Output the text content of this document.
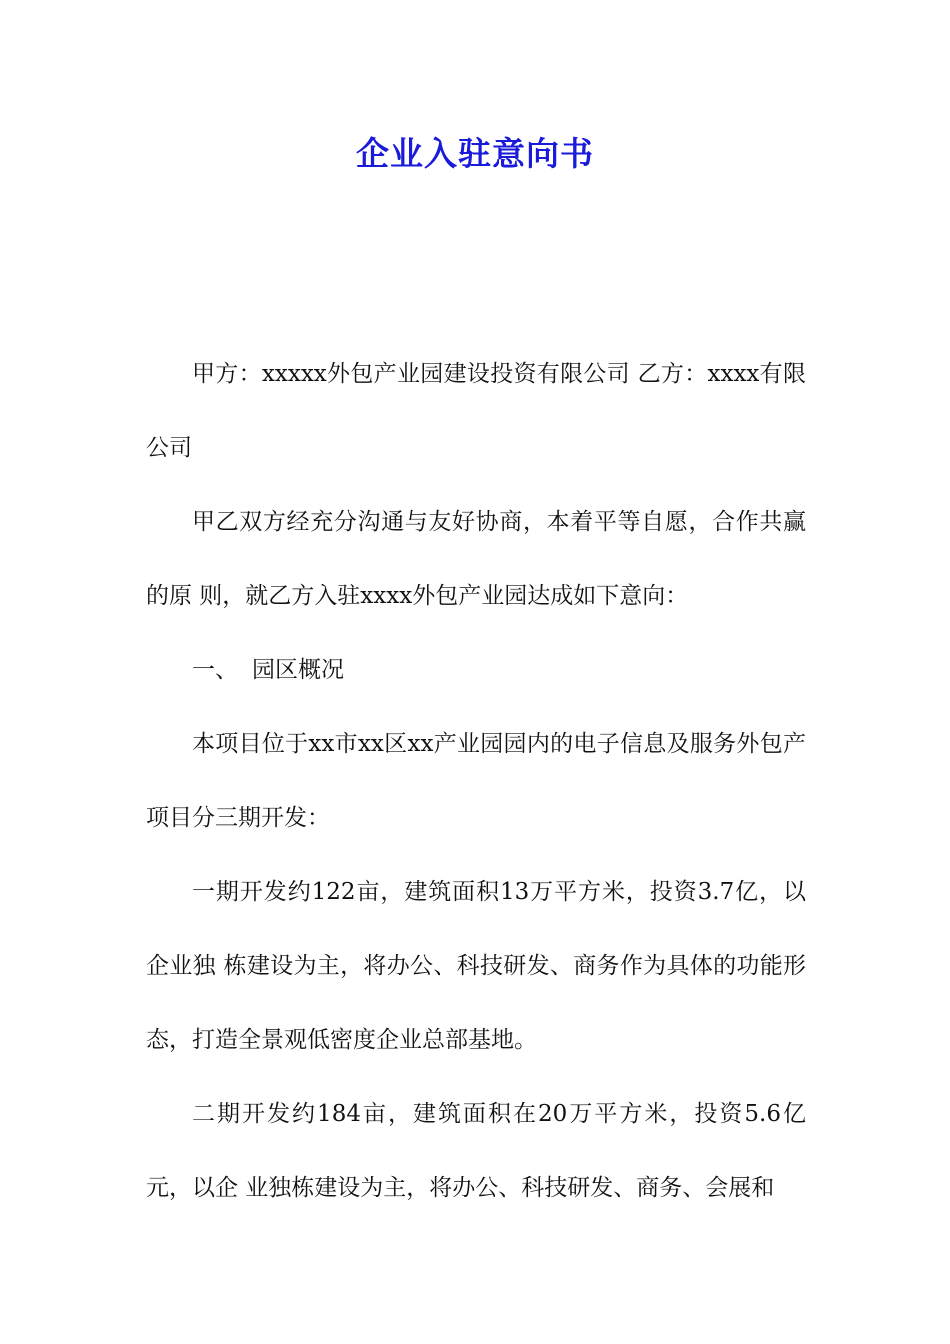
企业入驻意向书

甲方：xxxxx外包产业园建设投资有限公司 乙方：xxxx有限公司

甲乙双方经充分沟通与友好协商，本着平等自愿，合作共赢的原 则，就乙方入驻xxxx外包产业园达成如下意向：

一、 园区概况

本项目位于xx市xx区xx产业园园内的电子信息及服务外包产项目分三期开发：

一期开发约122亩，建筑面积13万平方米，投资3.7亿，以企业独 栋建设为主，将办公、科技研发、商务作为具体的功能形态，打造全景观低密度企业总部基地。

二期开发约184亩，建筑面积在20万平方米，投资5.6亿元，以企 业独栋建设为主，将办公、科技研发、商务、会展和
